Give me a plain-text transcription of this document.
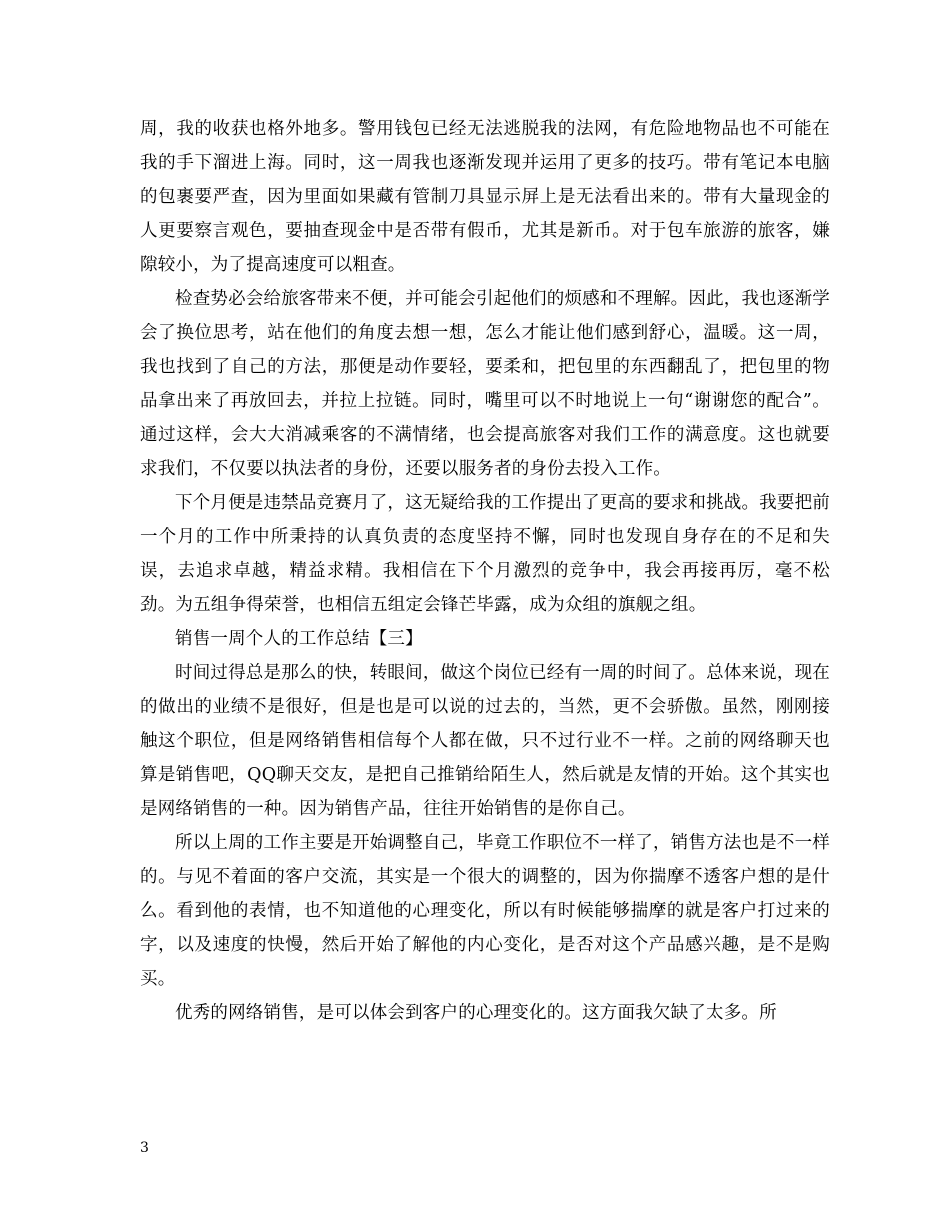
周，我的收获也格外地多。警用钱包已经无法逃脱我的法网，有危险地物品也不可能在我的手下溜进上海。同时，这一周我也逐渐发现并运用了更多的技巧。带有笔记本电脑的包裹要严查，因为里面如果藏有管制刀具显示屏上是无法看出来的。带有大量现金的人更要察言观色，要抽查现金中是否带有假币，尤其是新币。对于包车旅游的旅客，嫌隙较小，为了提高速度可以粗查。

检查势必会给旅客带来不便，并可能会引起他们的烦感和不理解。因此，我也逐渐学会了换位思考，站在他们的角度去想一想，怎么才能让他们感到舒心，温暖。这一周，我也找到了自己的方法，那便是动作要轻，要柔和，把包里的东西翻乱了，把包里的物品拿出来了再放回去，并拉上拉链。同时，嘴里可以不时地说上一句“谢谢您的配合”。通过这样，会大大消减乘客的不满情绪，也会提高旅客对我们工作的满意度。这也就要求我们，不仅要以执法者的身份，还要以服务者的身份去投入工作。

下个月便是违禁品竞赛月了，这无疑给我的工作提出了更高的要求和挑战。我要把前一个月的工作中所秉持的认真负责的态度坚持不懈，同时也发现自身存在的不足和失误，去追求卓越，精益求精。我相信在下个月激烈的竞争中，我会再接再厉，毫不松劲。为五组争得荣誉，也相信五组定会锋芒毕露，成为众组的旗舰之组。

销售一周个人的工作总结【三】

时间过得总是那么的快，转眼间，做这个岗位已经有一周的时间了。总体来说，现在的做出的业绩不是很好，但是也是可以说的过去的，当然，更不会骄傲。虽然，刚刚接触这个职位，但是网络销售相信每个人都在做，只不过行业不一样。之前的网络聊天也算是销售吧，QQ聊天交友，是把自己推销给陌生人，然后就是友情的开始。这个其实也是网络销售的一种。因为销售产品，往往开始销售的是你自己。

所以上周的工作主要是开始调整自己，毕竟工作职位不一样了，销售方法也是不一样的。与见不着面的客户交流，其实是一个很大的调整的，因为你揣摩不透客户想的是什么。看到他的表情，也不知道他的心理变化，所以有时候能够揣摩的就是客户打过来的字，以及速度的快慢，然后开始了解他的内心变化，是否对这个产品感兴趣，是不是购买。

优秀的网络销售，是可以体会到客户的心理变化的。这方面我欠缺了太多。所

3
